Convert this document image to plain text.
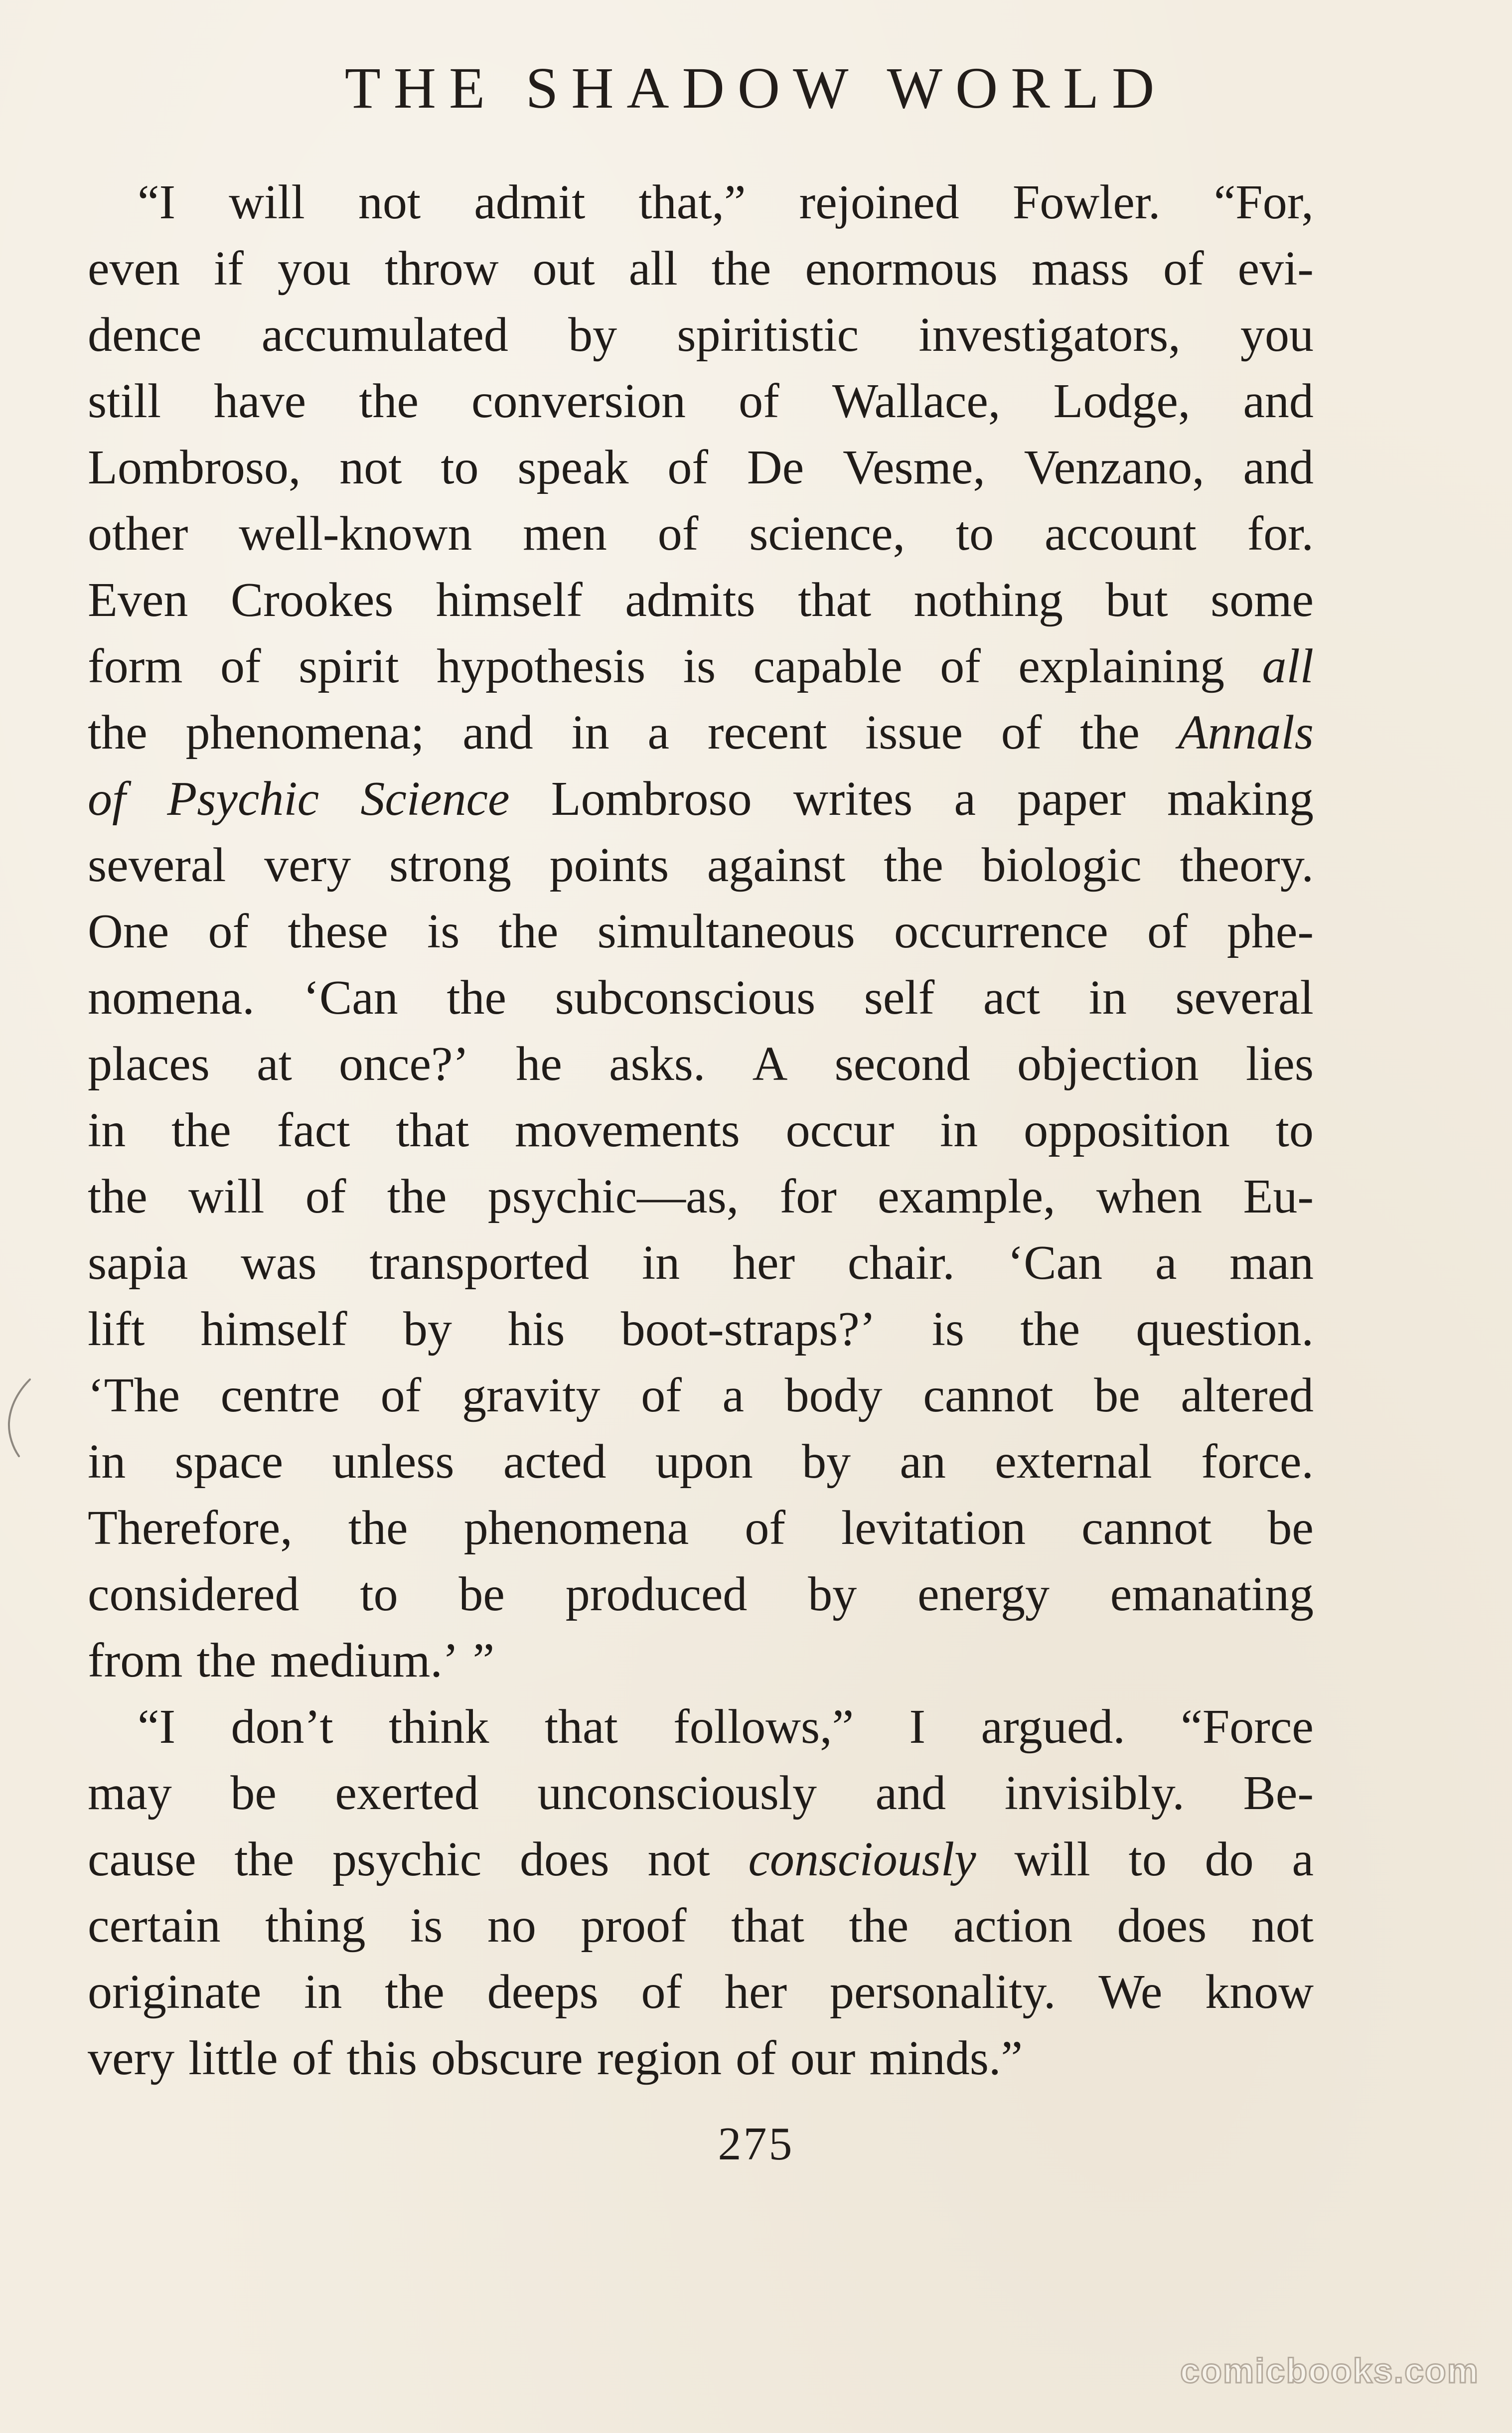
THE SHADOW WORLD
“I will not admit that,” rejoined Fowler. “For,
even if you throw out all the enormous mass of evi-
dence accumulated by spiritistic investigators, you
still have the conversion of Wallace, Lodge, and
Lombroso, not to speak of De Vesme, Venzano, and
other well-known men of science, to account for.
Even Crookes himself admits that nothing but some
form of spirit hypothesis is capable of explaining all
the phenomena; and in a recent issue of the Annals
of Psychic Science Lombroso writes a paper making
several very strong points against the biologic theory.
One of these is the simultaneous occurrence of phe-
nomena. ‘Can the subconscious self act in several
places at once?’ he asks. A second objection lies
in the fact that movements occur in opposition to
the will of the psychic—as, for example, when Eu-
sapia was transported in her chair. ‘Can a man
lift himself by his boot-straps?’ is the question.
‘The centre of gravity of a body cannot be altered
in space unless acted upon by an external force.
Therefore, the phenomena of levitation cannot be
considered to be produced by energy emanating
from the medium.’ ”
“I don’t think that follows,” I argued. “Force
may be exerted unconsciously and invisibly. Be-
cause the psychic does not consciously will to do a
certain thing is no proof that the action does not
originate in the deeps of her personality. We know
very little of this obscure region of our minds.”
275
comicbooks.com
